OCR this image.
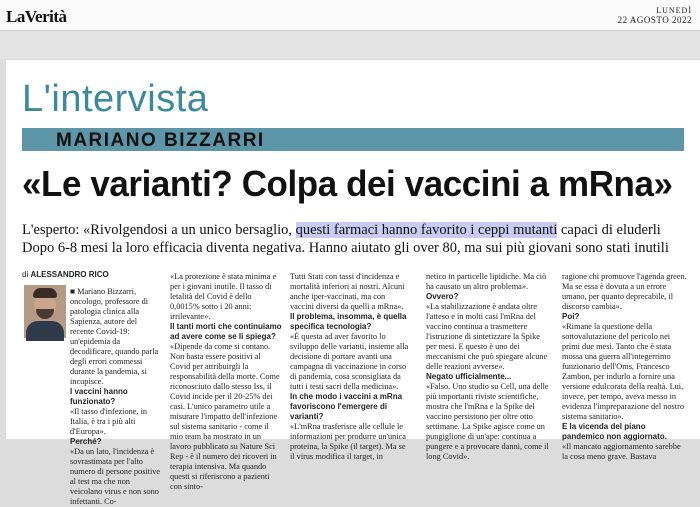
LaVerità	LUNEDÌ
22 AGOSTO 2022
L'intervista
MARIANO BIZZARRI
«Le varianti? Colpa dei vaccini a mRna»
L'esperto: «Rivolgendosi a un unico bersaglio, questi farmaci hanno favorito i ceppi mutanti capaci di eluderli
Dopo 6-8 mesi la loro efficacia diventa negativa. Hanno aiutato gli over 80, ma sui più giovani sono stati inutili
di ALESSANDRO RICO

■ Mariano Bizzarri, oncologo, professore di patologia clinica alla Sapienza, autore del recente Covid-19: un'epidemia da decodificare, quando parla degli errori commessi durante la pandemia, si incupisce.

I vaccini hanno funzionato?

«Il tasso d'infezione, in Italia, è tra i più alti d'Europa».

Perché?

«Da un lato, l'incidenza è sovrastimata per l'alto numero di persone positive al test ma che non veicolano virus e non sono infettanti. Co-

«La protezione è stata minima e per i giovani inutile. Il tasso di letalità del Covid è dello 0,0015% sotto i 20 anni: irrilevante».

Il tanti morti che continuiamo ad avere come se li spiega?

«Dipende da come si contano. Non basta essere positivi al Covid per attribuirgli la responsabilità della morte. Come riconosciuto dallo stesso Iss, il Covid incide per il 20-25% dei casi. L'unico parametro utile a misurare l'impatto dell'infezione sul sistema sanitario - come il mio team ha mostrato in un lavoro pubblicato su Nature Sci Rep - è il numero dei ricoveri in terapia intensiva. Ma quando questi si riferiscono a pazienti con sinto-

Tutti Stati con tassi d'incidenza e mortalità inferiori ai nostri. Alcuni anche iper-vaccinati, ma con vaccini diversi da quelli a mRna».

Il problema, insomma, è quella specifica tecnologia?

«È questa ad aver favorito lo sviluppo delle varianti, insieme alla decisione di portare avanti una campagna di vaccinazione in corso di pandemia, cosa sconsigliata da tutti i testi sacri della medicina».

In che modo i vaccini a mRna favoriscono l'emergere di varianti?

«L'mRna trasferisce alle cellule le informazioni per produrre un'unica proteina, la Spike (il target). Ma se il virus modifica il target, in

netico in particelle lipidiche. Ma ciò ha causato un altro problema».

Ovvero?

«La stabilizzazione è andata oltre l'atteso e in molti casi l'mRna del vaccino continua a trasmettere l'istruzione di sintetizzare la Spike per mesi. E questo è uno dei meccanismi che può spiegare alcune delle reazioni avverse».

Negato ufficialmente...

«Falso. Uno studio su Cell, una delle più importanti riviste scientifiche, mostra che l'mRna e la Spike del vaccino persistono per oltre otto settimane. La Spike agisce come un pungiglione di un'ape: continua a pungere e a provocare danni, come il long Covid».

ragione chi promuove l'agenda green. Ma se essa è dovuta a un errore umano, per quanto deprecabile, il discorso cambia».

Poi?

«Rimane la questione della sottovalutazione del pericolo nei primi due mesi. Tanto che è stata mossa una guerra all'integerrimo funzionario dell'Oms, Francesco Zambon, per indurlo a fornire una versione edulcorata della realtà. Lui, invece, per tempo, aveva messo in evidenza l'impreparazione del nostro sistema sanitario».

E la vicenda del piano pandemico non aggiornato.

«Il mancato aggiornamento sarebbe la cosa meno grave. Bastava
